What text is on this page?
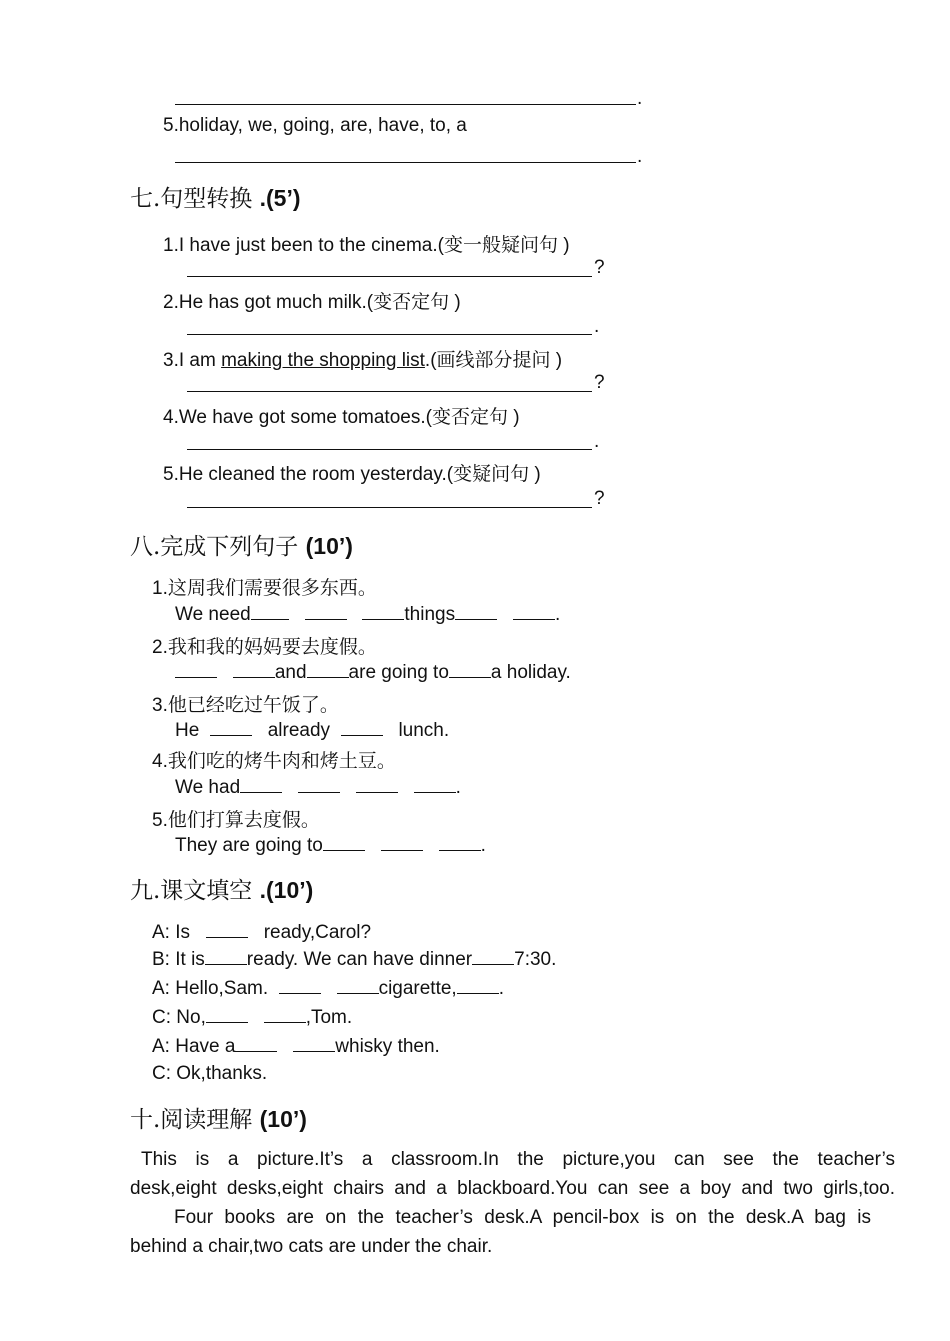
.
5.holiday, we, going, are, have, to, a
.
七.句型转换 .(5’)
1.I have just been to the cinema.(变一般疑问句 )
?
2.He has got much milk.(变否定句 )
.
3.I am making the shopping list.(画线部分提问 )
?
4.We have got some tomatoes.(变否定句 )
.
5.He cleaned the room yesterday.(变疑问句 )
?
八.完成下列句子 (10’)
1.这周我们需要很多东西。
We need	things	.
2.我和我的妈妈要去度假。
and are going to a holiday.
3.他已经吃过午饭了。
He	already	lunch.
4.我们吃的烤牛肉和烤土豆。
We had	.
5.他们打算去度假。
They are going to	.
九.课文填空 .(10’)
A: Is	ready,Carol?
B: It is ready. We can have dinner 7:30.
A: Hello,Sam.	cigarette, .
C: No,	,Tom.
A: Have a	whisky then.
C: Ok,thanks.
十.阅读理解 (10’)
This is a picture.It’s a classroom.In the picture,you can see the teacher’s
desk,eight desks,eight chairs and a blackboard.You can see a boy and two girls,too.
Four books are on the teacher’s desk.A pencil-box is on the desk.A bag is
behind a chair,two cats are under the chair.
